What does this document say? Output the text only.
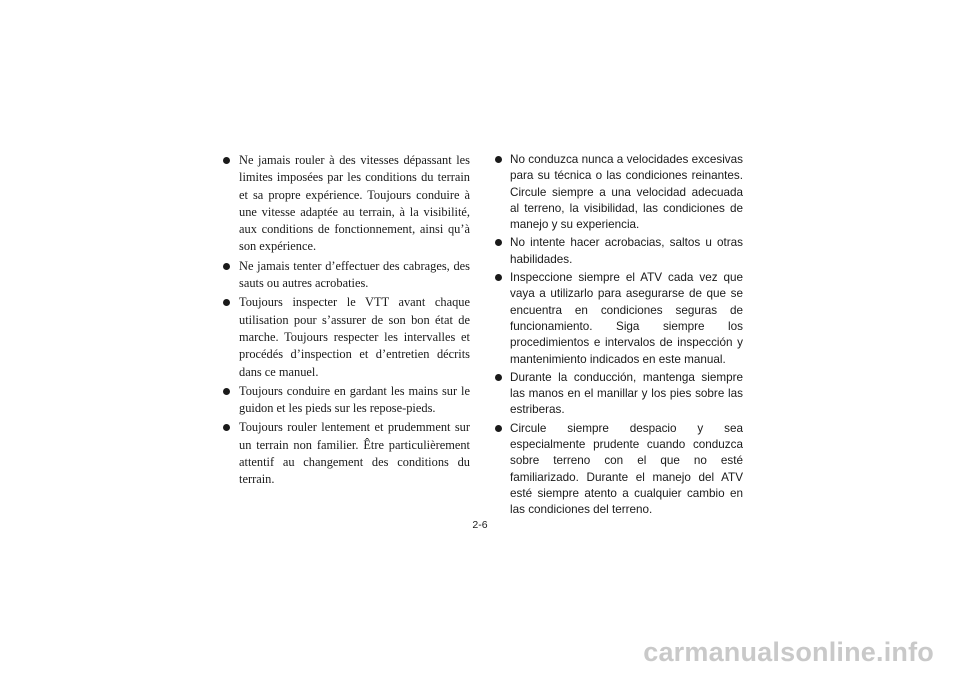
Ne jamais rouler à des vitesses dépassant les limites imposées par les conditions du terrain et sa propre expérience. Toujours conduire à une vitesse adaptée au terrain, à la visibilité, aux conditions de fonctionnement, ainsi qu’à son expérience.
Ne jamais tenter d’effectuer des cabrages, des sauts ou autres acrobaties.
Toujours inspecter le VTT avant chaque utilisation pour s’assurer de son bon état de marche. Toujours respecter les intervalles et procédés d’inspection et d’entretien décrits dans ce manuel.
Toujours conduire en gardant les mains sur le guidon et les pieds sur les repose-pieds.
Toujours rouler lentement et prudemment sur un terrain non familier. Être particulièrement attentif au changement des conditions du terrain.
No conduzca nunca a velocidades excesivas para su técnica o las condiciones reinantes. Circule siempre a una velocidad adecuada al terreno, la visibilidad, las condiciones de manejo y su experiencia.
No intente hacer acrobacias, saltos u otras habilidades.
Inspeccione siempre el ATV cada vez que vaya a utilizarlo para asegurarse de que se encuentra en condiciones seguras de funcionamiento. Siga siempre los procedimientos e intervalos de inspección y mantenimiento indicados en este manual.
Durante la conducción, mantenga siempre las manos en el manillar y los pies sobre las estriberas.
Circule siempre despacio y sea especialmente prudente cuando conduzca sobre terreno con el que no esté familiarizado. Durante el manejo del ATV esté siempre atento a cualquier cambio en las condiciones del terreno.
2-6
carmanualsonline.info
